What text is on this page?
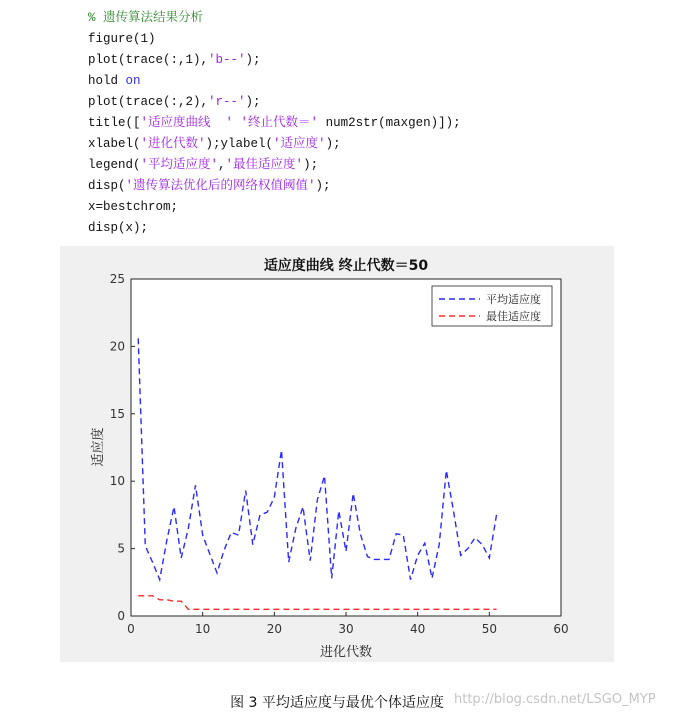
% 遗传算法结果分析
figure(1)
plot(trace(:,1),'b--');
hold on
plot(trace(:,2),'r--');
title(['适应度曲线  ' '终止代数＝' num2str(maxgen)]);
xlabel('进化代数');ylabel('适应度');
legend('平均适应度','最佳适应度');
disp('遗传算法优化后的网络权值阈值');
x=bestchrom;
disp(x);
0	10	20	30	40	50	60
0
5
10
15
20
25
适应度曲线 终止代数＝50
进化代数
适应度
平均适应度
最佳适应度
图 3 平均适应度与最优个体适应度 http://blog.csdn.net/LSGO_MYP
